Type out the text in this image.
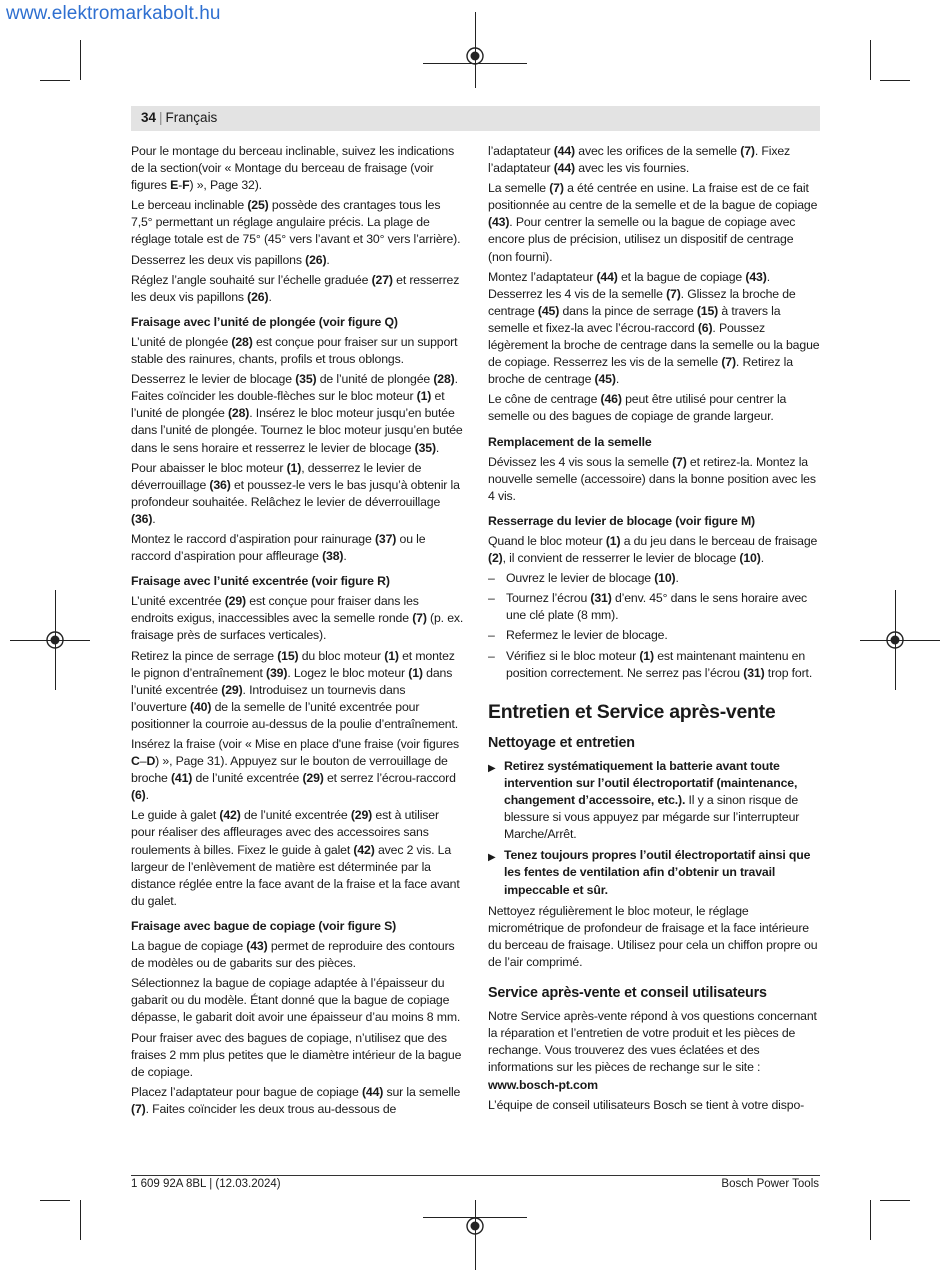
www.elektromarkabolt.hu
34 | Français

Pour le montage du berceau inclinable, suivez les indications de la section(voir « Montage du berceau de fraisage (voir figures E-F) », Page 32).

Le berceau inclinable (25) possède des crantages tous les 7,5° permettant un réglage angulaire précis. La plage de réglage totale est de 75° (45° vers l’avant et 30° vers l’arrière).

Desserrez les deux vis papillons (26).

Réglez l’angle souhaité sur l’échelle graduée (27) et resserrez les deux vis papillons (26).

Fraisage avec l’unité de plongée (voir figure Q)

L’unité de plongée (28) est conçue pour fraiser sur un support stable des rainures, chants, profils et trous oblongs.

Desserrez le levier de blocage (35) de l’unité de plongée (28). Faites coïncider les double-flèches sur le bloc moteur (1) et l’unité de plongée (28). Insérez le bloc moteur jusqu’en butée dans l’unité de plongée. Tournez le bloc moteur jusqu’en butée dans le sens horaire et resserrez le levier de blocage (35).

Pour abaisser le bloc moteur (1), desserrez le levier de déverrouillage (36) et poussez-le vers le bas jusqu’à obtenir la profondeur souhaitée. Relâchez le levier de déverrouillage (36).

Montez le raccord d’aspiration pour rainurage (37) ou le raccord d’aspiration pour affleurage (38).

Fraisage avec l’unité excentrée (voir figure R)

L’unité excentrée (29) est conçue pour fraiser dans les endroits exigus, inaccessibles avec la semelle ronde (7) (p. ex. fraisage près de surfaces verticales).

Retirez la pince de serrage (15) du bloc moteur (1) et montez le pignon d’entraînement (39). Logez le bloc moteur (1) dans l’unité excentrée (29). Introduisez un tournevis dans l’ouverture (40) de la semelle de l’unité excentrée pour positionner la courroie au-dessus de la poulie d’entraînement.

Insérez la fraise (voir « Mise en place d'une fraise (voir figures C–D) », Page 31). Appuyez sur le bouton de verrouillage de broche (41) de l’unité excentrée (29) et serrez l’écrou-raccord (6).

Le guide à galet (42) de l’unité excentrée (29) est à utiliser pour réaliser des affleurages avec des accessoires sans roulements à billes. Fixez le guide à galet (42) avec 2 vis. La largeur de l’enlèvement de matière est déterminée par la distance réglée entre la face avant de la fraise et la face avant du galet.

Fraisage avec bague de copiage (voir figure S)

La bague de copiage (43) permet de reproduire des contours de modèles ou de gabarits sur des pièces.

Sélectionnez la bague de copiage adaptée à l’épaisseur du gabarit ou du modèle. Étant donné que la bague de copiage dépasse, le gabarit doit avoir une épaisseur d’au moins 8 mm.

Pour fraiser avec des bagues de copiage, n’utilisez que des fraises 2 mm plus petites que le diamètre intérieur de la bague de copiage.

Placez l’adaptateur pour bague de copiage (44) sur la semelle (7). Faites coïncider les deux trous au-dessous de

l’adaptateur (44) avec les orifices de la semelle (7). Fixez l’adaptateur (44) avec les vis fournies.

La semelle (7) a été centrée en usine. La fraise est de ce fait positionnée au centre de la semelle et de la bague de copiage (43). Pour centrer la semelle ou la bague de copiage avec encore plus de précision, utilisez un dispositif de centrage (non fourni).

Montez l’adaptateur (44) et la bague de copiage (43). Desserrez les 4 vis de la semelle (7). Glissez la broche de centrage (45) dans la pince de serrage (15) à travers la semelle et fixez-la avec l’écrou-raccord (6). Poussez légèrement la broche de centrage dans la semelle ou la bague de copiage. Resserrez les vis de la semelle (7). Retirez la broche de centrage (45).

Le cône de centrage (46) peut être utilisé pour centrer la semelle ou des bagues de copiage de grande largeur.

Remplacement de la semelle

Dévissez les 4 vis sous la semelle (7) et retirez-la. Montez la nouvelle semelle (accessoire) dans la bonne position avec les 4 vis.

Resserrage du levier de blocage (voir figure M)

Quand le bloc moteur (1) a du jeu dans le berceau de fraisage (2), il convient de resserrer le levier de blocage (10).

– Ouvrez le levier de blocage (10).
– Tournez l’écrou (31) d’env. 45° dans le sens horaire avec une clé plate (8 mm).
– Refermez le levier de blocage.
– Vérifiez si le bloc moteur (1) est maintenant maintenu en position correctement. Ne serrez pas l’écrou (31) trop fort.
Entretien et Service après-vente
Nettoyage et entretien
▶ Retirez systématiquement la batterie avant toute intervention sur l’outil électroportatif (maintenance, changement d’accessoire, etc.). Il y a sinon risque de blessure si vous appuyez par mégarde sur l’interrupteur Marche/Arrêt.
▶ Tenez toujours propres l’outil électroportatif ainsi que les fentes de ventilation afin d’obtenir un travail impeccable et sûr.

Nettoyez régulièrement le bloc moteur, le réglage micrométrique de profondeur de fraisage et la face intérieure du berceau de fraisage. Utilisez pour cela un chiffon propre ou de l’air comprimé.

Service après-vente et conseil utilisateurs

Notre Service après-vente répond à vos questions concernant la réparation et l’entretien de votre produit et les pièces de rechange. Vous trouverez des vues éclatées et des informations sur les pièces de rechange sur le site :
www.bosch-pt.com

L’équipe de conseil utilisateurs Bosch se tient à votre dispo-

1 609 92A 8BL | (12.03.2024)	Bosch Power Tools
